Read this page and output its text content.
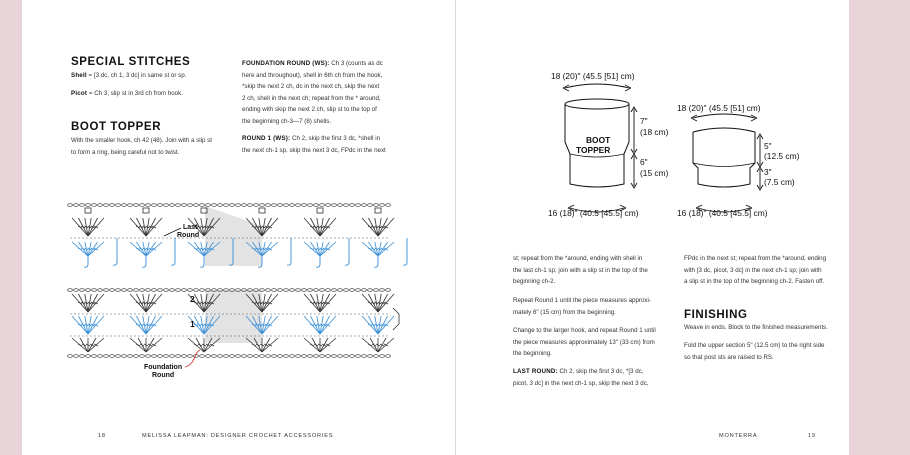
SPECIAL STITCHES
Shell = [3 dc, ch 1, 3 dc] in same st or sp.
Picot = Ch 3, slip st in 3rd ch from hook.
BOOT TOPPER
With the smaller hook, ch 42 (48). Join with a slip st
to form a ring, being careful not to twist.
FOUNDATION ROUND (WS): Ch 3 (counts as dc
here and throughout), shell in 6th ch from the hook,
*skip the next 2 ch, dc in the next ch, skip the next
2 ch, shell in the next ch; repeat from the * around,
ending with skip the next 2 ch, slip st to the top of
the beginning ch-3—7 (8) shells.
ROUND 1 (WS): Ch 2, skip the first 3 dc, *shell in
the next ch-1 sp, skip the next 3 dc, FPdc in the next
Last
Round
2
1
Foundation
Round
18	MELISSA LEAPMAN: DESIGNER CROCHET ACCESSORIES
18 (20)" (45.5 [51] cm)
BOOT
TOPPER
7"
(18 cm)
6"
(15 cm)
16 (18)" (40.5 [45.5] cm)
18 (20)" (45.5 [51] cm)
5"
(12.5 cm)
3"
(7.5 cm)
16 (18)" (40.5 [45.5] cm)
st; repeat from the *around, ending with shell in
the last ch-1 sp; join with a slip st in the top of the
beginning ch-2.
Repeat Round 1 until the piece measures approxi-
mately 6" (15 cm) from the beginning.
Change to the larger hook, and repeat Round 1 until
the piece measures approximately 13" (33 cm) from
the beginning.
LAST ROUND: Ch 2, skip the first 3 dc, *[3 dc,
picot, 3 dc] in the next ch-1 sp, skip the next 3 dc,
FPdc in the next st; repeat from the *around, ending
with [3 dc, picot, 3 dc] in the next ch-1 sp; join with
a slip st in the top of the beginning ch-2. Fasten off.
FINISHING
Weave in ends. Block to the finished measurements.
Fold the upper section 5" (12.5 cm) to the right side
so that post sts are raised to RS.
MONTERRA	19
